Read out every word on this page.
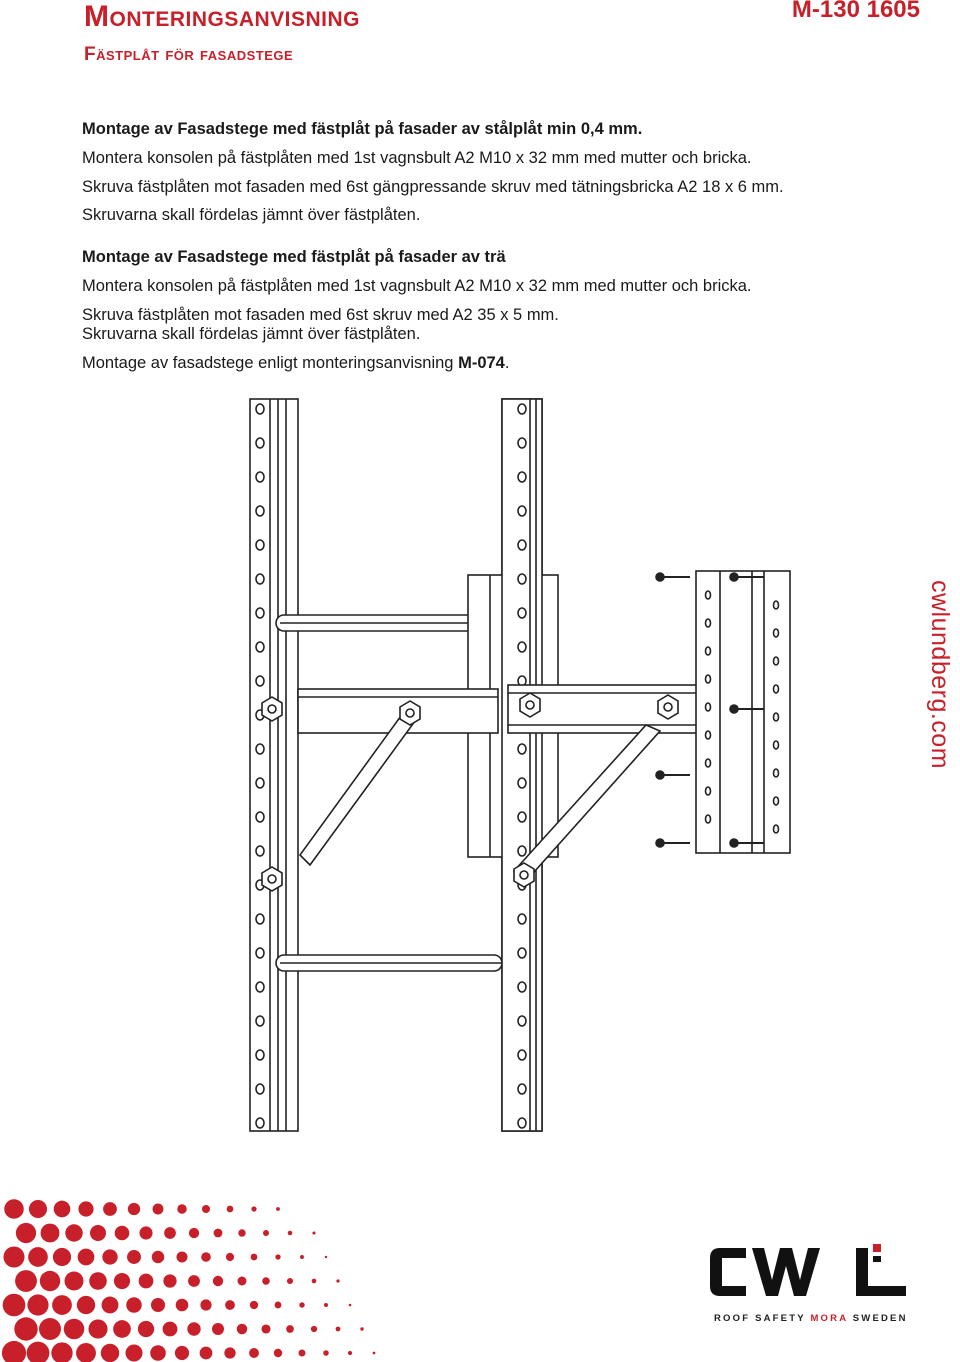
Monteringsanvisning
Fästplåt för fasadstege
M-130 1605

Montage av Fasadstege med fästplåt på fasader av stålplåt min 0,4 mm.

Montera konsolen på fästplåten med 1st vagnsbult A2 M10 x 32 mm med mutter och bricka.

Skruva fästplåten mot fasaden med 6st gängpressande skruv med tätningsbricka A2 18 x 6 mm.

Skruvarna skall fördelas jämnt över fästplåten.

Montage av Fasadstege med fästplåt på fasader av trä

Montera konsolen på fästplåten med 1st vagnsbult A2 M10 x 32 mm med mutter och bricka.

Skruva fästplåten mot fasaden med 6st skruv med A2 35 x 5 mm.

Skruvarna skall fördelas jämnt över fästplåten.

Montage av fasadstege enligt monteringsanvisning M-074.

cwlundberg.com
ROOF SAFETY MORA SWEDEN
